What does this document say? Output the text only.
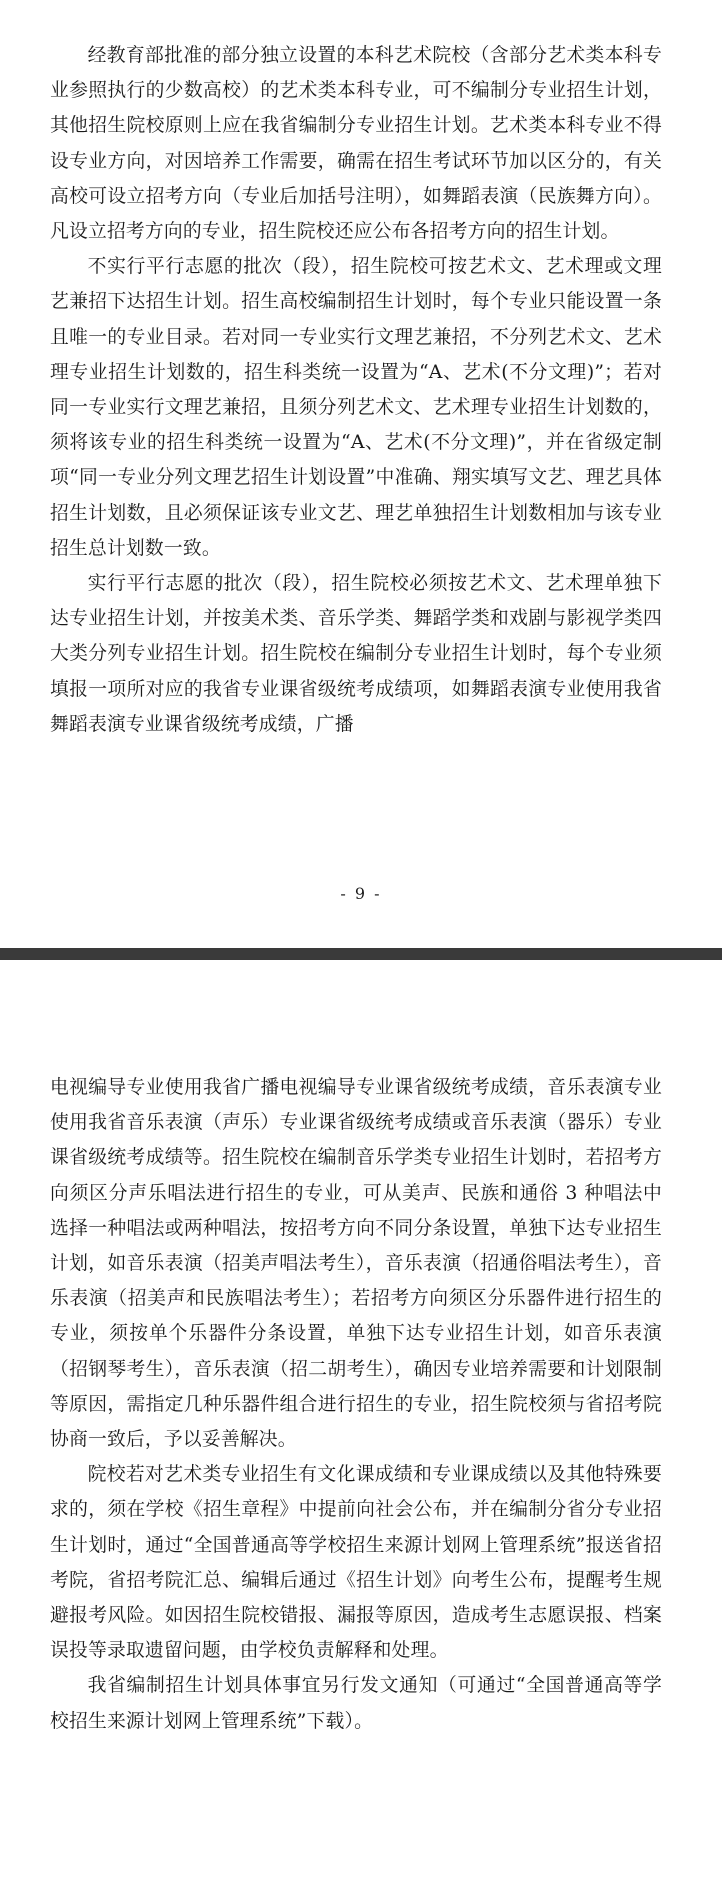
经教育部批准的部分独立设置的本科艺术院校（含部分艺术类本科专业参照执行的少数高校）的艺术类本科专业，可不编制分专业招生计划，其他招生院校原则上应在我省编制分专业招生计划。艺术类本科专业不得设专业方向，对因培养工作需要，确需在招生考试环节加以区分的，有关高校可设立招考方向（专业后加括号注明），如舞蹈表演（民族舞方向）。凡设立招考方向的专业，招生院校还应公布各招考方向的招生计划。

不实行平行志愿的批次（段），招生院校可按艺术文、艺术理或文理艺兼招下达招生计划。招生高校编制招生计划时，每个专业只能设置一条且唯一的专业目录。若对同一专业实行文理艺兼招，不分列艺术文、艺术理专业招生计划数的，招生科类统一设置为“A、艺术(不分文理)”；若对同一专业实行文理艺兼招，且须分列艺术文、艺术理专业招生计划数的，须将该专业的招生科类统一设置为“A、艺术(不分文理)”，并在省级定制项“同一专业分列文理艺招生计划设置”中准确、翔实填写文艺、理艺具体招生计划数，且必须保证该专业文艺、理艺单独招生计划数相加与该专业招生总计划数一致。

实行平行志愿的批次（段），招生院校必须按艺术文、艺术理单独下达专业招生计划，并按美术类、音乐学类、舞蹈学类和戏剧与影视学类四大类分列专业招生计划。招生院校在编制分专业招生计划时，每个专业须填报一项所对应的我省专业课省级统考成绩项，如舞蹈表演专业使用我省舞蹈表演专业课省级统考成绩，广播

- 9 -

电视编导专业使用我省广播电视编导专业课省级统考成绩，音乐表演专业使用我省音乐表演（声乐）专业课省级统考成绩或音乐表演（器乐）专业课省级统考成绩等。招生院校在编制音乐学类专业招生计划时，若招考方向须区分声乐唱法进行招生的专业，可从美声、民族和通俗 3 种唱法中选择一种唱法或两种唱法，按招考方向不同分条设置，单独下达专业招生计划，如音乐表演（招美声唱法考生），音乐表演（招通俗唱法考生），音乐表演（招美声和民族唱法考生）；若招考方向须区分乐器件进行招生的专业，须按单个乐器件分条设置，单独下达专业招生计划，如音乐表演（招钢琴考生），音乐表演（招二胡考生），确因专业培养需要和计划限制等原因，需指定几种乐器件组合进行招生的专业，招生院校须与省招考院协商一致后，予以妥善解决。

院校若对艺术类专业招生有文化课成绩和专业课成绩以及其他特殊要求的，须在学校《招生章程》中提前向社会公布，并在编制分省分专业招生计划时，通过“全国普通高等学校招生来源计划网上管理系统”报送省招考院，省招考院汇总、编辑后通过《招生计划》向考生公布，提醒考生规避报考风险。如因招生院校错报、漏报等原因，造成考生志愿误报、档案误投等录取遗留问题，由学校负责解释和处理。

我省编制招生计划具体事宜另行发文通知（可通过“全国普通高等学校招生来源计划网上管理系统”下载）。
